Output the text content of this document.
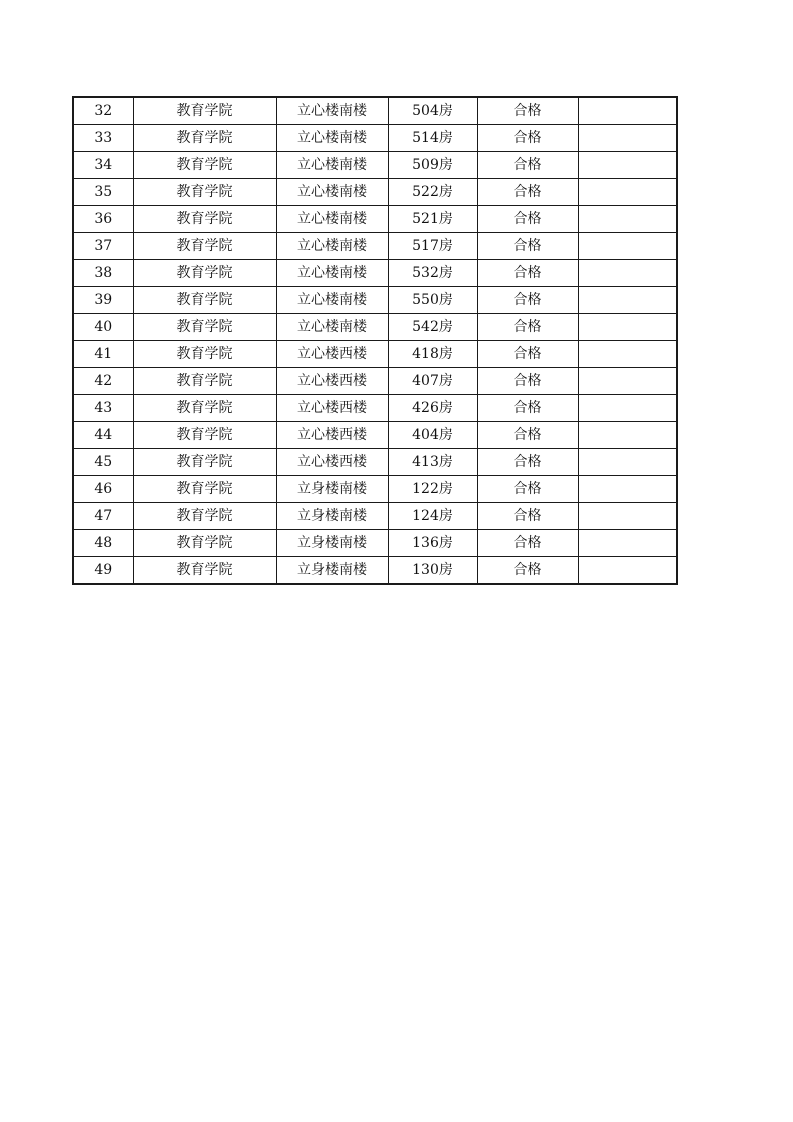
32	教育学院	立心楼南楼	504房	合格	
33	教育学院	立心楼南楼	514房	合格	
34	教育学院	立心楼南楼	509房	合格	
35	教育学院	立心楼南楼	522房	合格	
36	教育学院	立心楼南楼	521房	合格	
37	教育学院	立心楼南楼	517房	合格	
38	教育学院	立心楼南楼	532房	合格	
39	教育学院	立心楼南楼	550房	合格	
40	教育学院	立心楼南楼	542房	合格	
41	教育学院	立心楼西楼	418房	合格	
42	教育学院	立心楼西楼	407房	合格	
43	教育学院	立心楼西楼	426房	合格	
44	教育学院	立心楼西楼	404房	合格	
45	教育学院	立心楼西楼	413房	合格	
46	教育学院	立身楼南楼	122房	合格	
47	教育学院	立身楼南楼	124房	合格	
48	教育学院	立身楼南楼	136房	合格	
49	教育学院	立身楼南楼	130房	合格	
